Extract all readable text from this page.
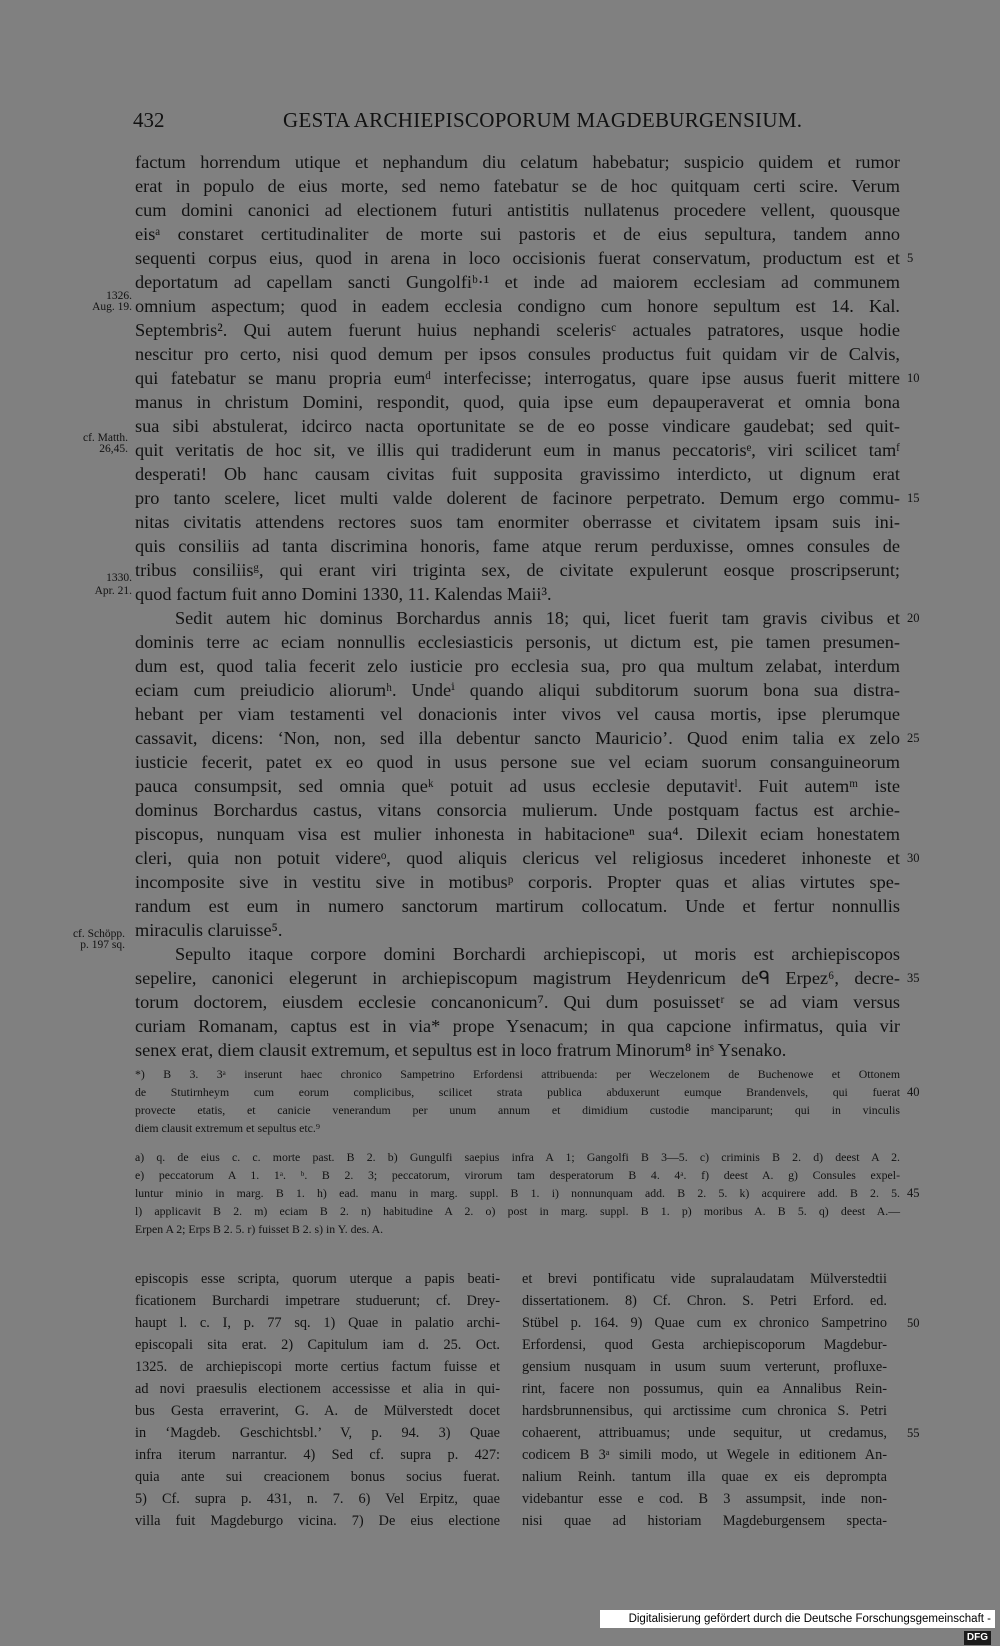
432	GESTA ARCHIEPISCOPORUM MAGDEBURGENSIUM.
factum horrendum utique et nephandum diu celatum habebatur; suspicio quidem et rumor
erat in populo de eius morte, sed nemo fatebatur se de hoc quitquam certi scire. Verum
cum domini canonici ad electionem futuri antistitis nullatenus procedere vellent, quousque
eisᵃ constaret certitudinaliter de morte sui pastoris et de eius sepultura, tandem anno
sequenti corpus eius, quod in arena in loco occisionis fuerat conservatum, productum est et 5
deportatum ad capellam sancti Gungolfiᵇ·¹ et inde ad maiorem ecclesiam ad communem
omnium aspectum; quod in eadem ecclesia condigno cum honore sepultum est 14. Kal.
Septembris². Qui autem fuerunt huius nephandi scelerisᶜ actuales patratores, usque hodie
nescitur pro certo, nisi quod demum per ipsos consules productus fuit quidam vir de Calvis,
qui fatebatur se manu propria eumᵈ interfecisse; interrogatus, quare ipse ausus fuerit mittere 10
manus in christum Domini, respondit, quod, quia ipse eum depauperaverat et omnia bona
sua sibi abstulerat, idcirco nacta oportunitate se de eo posse vindicare gaudebat; sed quit-
quit veritatis de hoc sit, ve illis qui tradiderunt eum in manus peccatorisᵉ, viri scilicet tamᶠ
desperati! Ob hanc causam civitas fuit supposita gravissimo interdicto, ut dignum erat
pro tanto scelere, licet multi valde dolerent de facinore perpetrato. Demum ergo commu- 15
nitas civitatis attendens rectores suos tam enormiter oberrasse et civitatem ipsam suis ini-
quis consiliis ad tanta discrimina honoris, fame atque rerum perduxisse, omnes consules de
tribus consiliisᵍ, qui erant viri triginta sex, de civitate expulerunt eosque proscripserunt;
quod factum fuit anno Domini 1330, 11. Kalendas Maii³.
Sedit autem hic dominus Borchardus annis 18; qui, licet fuerit tam gravis civibus et 20
dominis terre ac eciam nonnullis ecclesiasticis personis, ut dictum est, pie tamen presumen-
dum est, quod talia fecerit zelo iusticie pro ecclesia sua, pro qua multum zelabat, interdum
eciam cum preiudicio aliorumʰ. Undeⁱ quando aliqui subditorum suorum bona sua distra-
hebant per viam testamenti vel donacionis inter vivos vel causa mortis, ipse plerumque
cassavit, dicens: ‘Non, non, sed illa debentur sancto Mauricio’. Quod enim talia ex zelo 25
iusticie fecerit, patet ex eo quod in usus persone sue vel eciam suorum consanguineorum
pauca consumpsit, sed omnia queᵏ potuit ad usus ecclesie deputavitˡ. Fuit autemᵐ iste
dominus Borchardus castus, vitans consorcia mulierum. Unde postquam factus est archie-
piscopus, nunquam visa est mulier inhonesta in habitacioneⁿ sua⁴. Dilexit eciam honestatem
cleri, quia non potuit videreᵒ, quod aliquis clericus vel religiosus incederet inhoneste et 30
incomposite sive in vestitu sive in motibusᵖ corporis. Propter quas et alias virtutes spe-
randum est eum in numero sanctorum martirum collocatum. Unde et fertur nonnullis
miraculis claruisse⁵.
Sepulto itaque corpore domini Borchardi archiepiscopi, ut moris est archiepiscopos
sepelire, canonici elegerunt in archiepiscopum magistrum Heydenricum deᑫ Erpez⁶, decre- 35
torum doctorem, eiusdem ecclesie concanonicum⁷. Qui dum posuissetʳ se ad viam versus
curiam Romanam, captus est in via* prope Ysenacum; in qua capcione infirmatus, quia vir
senex erat, diem clausit extremum, et sepultus est in loco fratrum Minorum⁸ inˢ Ysenako.
1326.
Aug. 19.
cf. Matth. 26,45.
1330.
Apr. 21.
cf. Schöpp. p. 197 sq.
*) B 3. 3ᵃ inserunt haec chronico Sampetrino Erfordensi attribuenda: per Weczelonem de Buchenowe et Ottonem
de Stutirnheym cum eorum complicibus, scilicet strata publica abduxerunt eumque Brandenvels, qui fuerat 40
provecte etatis, et canicie venerandum per unum annum et dimidium custodie manciparunt; qui in vinculis
diem clausit extremum et sepultus etc.⁹
a) q. de eius c. c. morte past. B 2. b) Gungulfi saepius infra A 1; Gangolfi B 3—5. c) criminis B 2. d) deest A 2.
e) peccatorum A 1. 1ᵃ. ᵇ. B 2. 3; peccatorum, virorum tam desperatorum B 4. 4ᵃ. f) deest A. g) Consules expel-
luntur minio in marg. B 1. h) ead. manu in marg. suppl. B 1. i) nonnunquam add. B 2. 5. k) acquirere add. B 2. 5. 45
l) applicavit B 2. m) eciam B 2. n) habitudine A 2. o) post in marg. suppl. B 1. p) moribus A. B 5. q) deest A.—
Erpen A 2; Erps B 2. 5. r) fuisset B 2. s) in Y. des. A.
episcopis esse scripta, quorum uterque a papis beati-
ficationem Burchardi impetrare studuerunt; cf. Drey-
haupt l. c. I, p. 77 sq. 1) Quae in palatio archi-
episcopali sita erat. 2) Capitulum iam d. 25. Oct.
1325. de archiepiscopi morte certius factum fuisse et
ad novi praesulis electionem accessisse et alia in qui-
bus Gesta erraverint, G. A. de Mülverstedt docet
in ‘Magdeb. Geschichtsbl.’ V, p. 94. 3) Quae
infra iterum narrantur. 4) Sed cf. supra p. 427:
quia ante sui creacionem bonus socius fuerat.
5) Cf. supra p. 431, n. 7. 6) Vel Erpitz, quae
villa fuit Magdeburgo vicina. 7) De eius electione
et brevi pontificatu vide supralaudatam Mülverstedtii
dissertationem. 8) Cf. Chron. S. Petri Erford. ed.
Stübel p. 164. 9) Quae cum ex chronico Sampetrino 50
Erfordensi, quod Gesta archiepiscoporum Magdebur-
gensium nusquam in usum suum verterunt, profluxe-
rint, facere non possumus, quin ea Annalibus Rein-
hardsbrunnensibus, qui arctissime cum chronica S. Petri
cohaerent, attribuamus; unde sequitur, ut credamus, 55
codicem B 3ᵃ simili modo, ut Wegele in editionem An-
nalium Reinh. tantum illa quae ex eis deprompta
videbantur esse e cod. B 3 assumpsit, inde non-
nisi quae ad historiam Magdeburgensem specta-
Digitalisierung gefördert durch die Deutsche Forschungsgemeinschaft - DFG
